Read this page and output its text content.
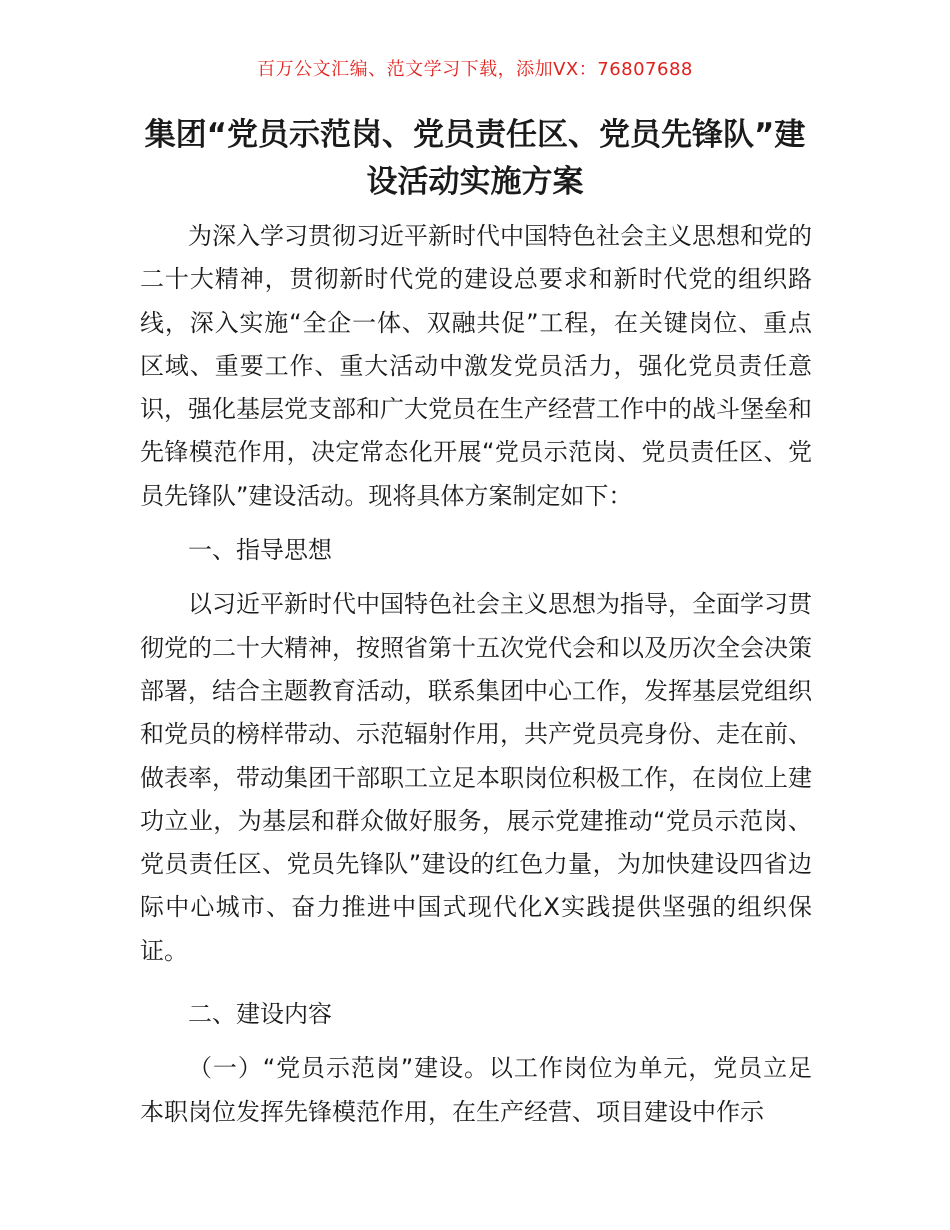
百万公文汇编、范文学习下载，添加VX：76807688
集团“党员示范岗、党员责任区、党员先锋队”建设活动实施方案

为深入学习贯彻习近平新时代中国特色社会主义思想和党的二十大精神，贯彻新时代党的建设总要求和新时代党的组织路线，深入实施“全企一体、双融共促”工程，在关键岗位、重点区域、重要工作、重大活动中激发党员活力，强化党员责任意识，强化基层党支部和广大党员在生产经营工作中的战斗堡垒和先锋模范作用，决定常态化开展“党员示范岗、党员责任区、党员先锋队”建设活动。现将具体方案制定如下：

一、指导思想

以习近平新时代中国特色社会主义思想为指导，全面学习贯彻党的二十大精神，按照省第十五次党代会和以及历次全会决策部署，结合主题教育活动，联系集团中心工作，发挥基层党组织和党员的榜样带动、示范辐射作用，共产党员亮身份、走在前、做表率，带动集团干部职工立足本职岗位积极工作，在岗位上建功立业，为基层和群众做好服务，展示党建推动“党员示范岗、党员责任区、党员先锋队”建设的红色力量，为加快建设四省边际中心城市、奋力推进中国式现代化X实践提供坚强的组织保证。

二、建设内容

（一）“党员示范岗”建设。以工作岗位为单元，党员立足本职岗位发挥先锋模范作用，在生产经营、项目建设中作示
